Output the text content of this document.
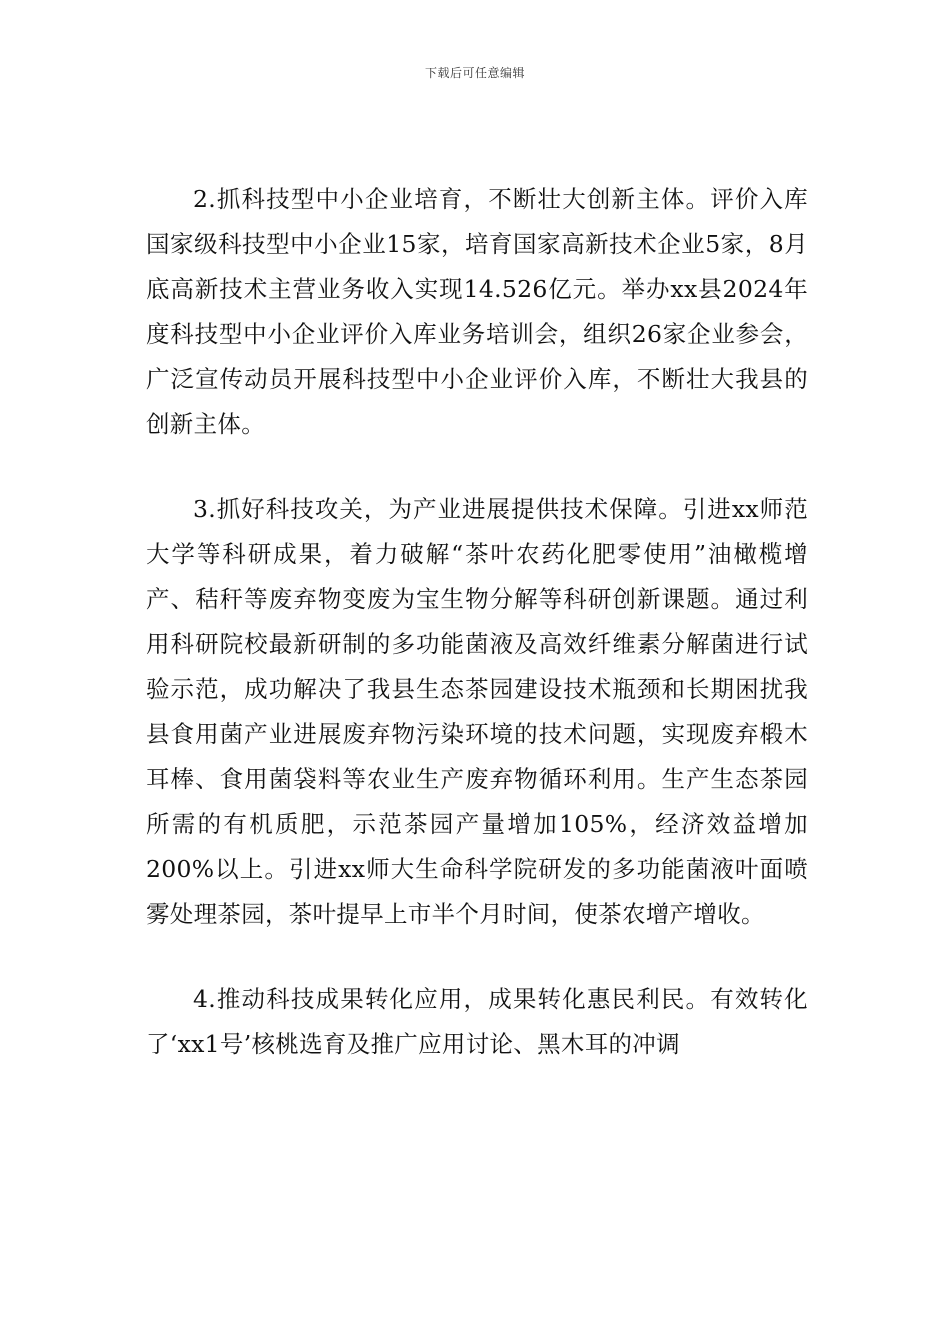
下载后可任意编辑

2.抓科技型中小企业培育，不断壮大创新主体。评价入库国家级科技型中小企业15家，培育国家高新技术企业5家，8月底高新技术主营业务收入实现14.526亿元。举办xx县2024年度科技型中小企业评价入库业务培训会，组织26家企业参会，广泛宣传动员开展科技型中小企业评价入库，不断壮大我县的创新主体。

3.抓好科技攻关，为产业进展提供技术保障。引进xx师范大学等科研成果，着力破解“茶叶农药化肥零使用”油橄榄增产、秸秆等废弃物变废为宝生物分解等科研创新课题。通过利用科研院校最新研制的多功能菌液及高效纤维素分解菌进行试验示范，成功解决了我县生态茶园建设技术瓶颈和长期困扰我县食用菌产业进展废弃物污染环境的技术问题，实现废弃椴木耳棒、食用菌袋料等农业生产废弃物循环利用。生产生态茶园所需的有机质肥，示范茶园产量增加105%，经济效益增加200%以上。引进xx师大生命科学院研发的多功能菌液叶面喷雾处理茶园，茶叶提早上市半个月时间，使茶农增产增收。

4.推动科技成果转化应用，成果转化惠民利民。有效转化了‘xx1号’核桃选育及推广应用讨论、黑木耳的冲调
